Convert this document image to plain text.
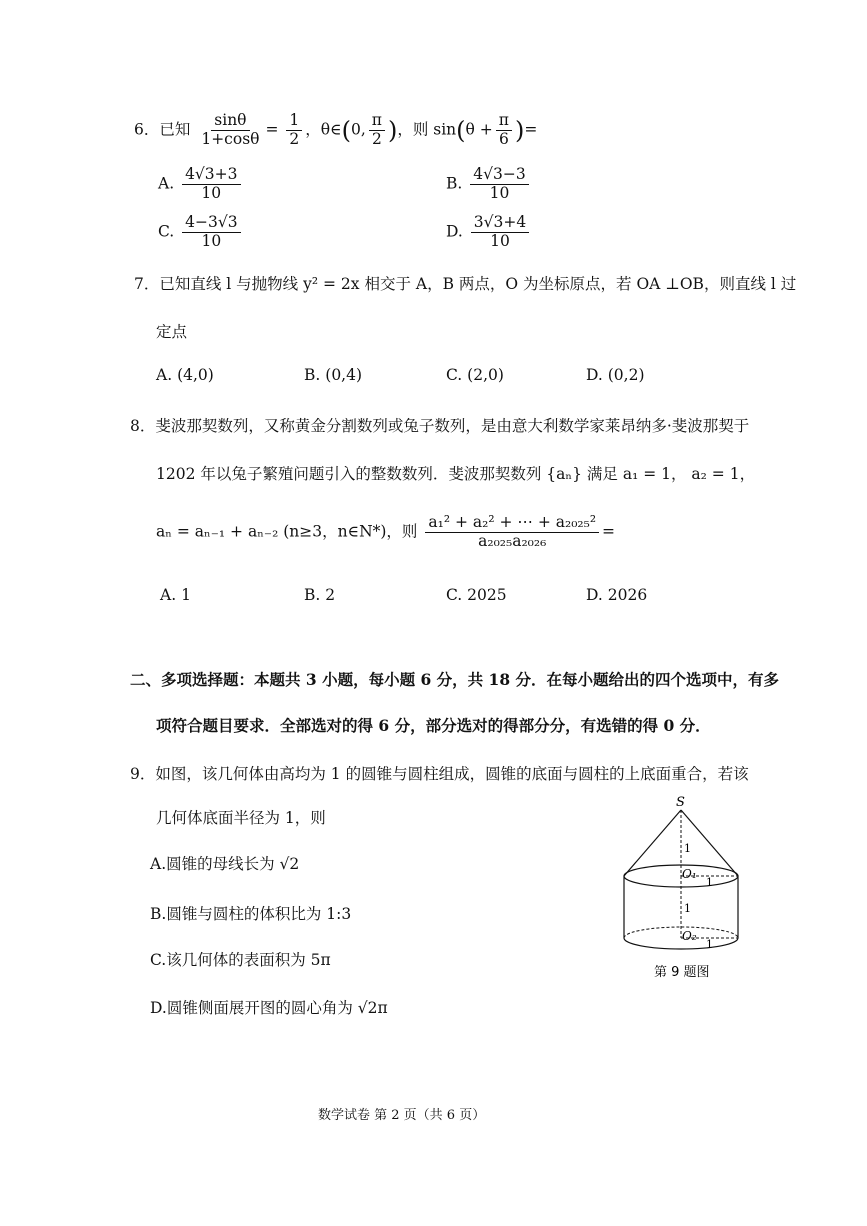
6．已知 $\frac{\sin\theta}{1+\cos\theta} = \frac{1}{2}$ ，θ∈(0, $\frac{\pi}{2}$ )，则 $\sin(\theta + \frac{\pi}{6}$ )=
A. $\frac{4√3+3}{10}$	B. $\frac{4√3-3}{10}$
C. $\frac{4-3√3}{10}$	D. $\frac{3√3+4}{10}$
7．已知直线 l 与抛物线 y² = 2x 相交于 A，B 两点，O 为坐标原点，若 OA ⊥OB，则直线 l 过
定点
A. (4,0)	B. (0,4)	C. (2,0)	D. (0,2)
8．斐波那契数列，又称黄金分割数列或兔子数列，是由意大利数学家莱昂纳多·斐波那契于
1202 年以兔子繁殖问题引入的整数数列．斐波那契数列 {aₙ} 满足 a₁ = 1， a₂ = 1，
aₙ = aₙ₋₁ + aₙ₋₂ (n≥3，n∈N*)，则 $\frac{\text{a₁² + a₂² + ⋯ + a₂₀₂₅²}}{\text{a₂₀₂₅a₂₀₂₆}}$ =
A. 1	B. 2	C. 2025	D. 2026
二、多项选择题：本题共 3 小题，每小题 6 分，共 18 分．在每小题给出的四个选项中，有多
项符合题目要求．全部选对的得 6 分，部分选对的得部分分，有选错的得 0 分．
9．如图，该几何体由高均为 1 的圆锥与圆柱组成，圆锥的底面与圆柱的上底面重合，若该
几何体底面半径为 1，则
A.圆锥的母线长为 √2
B.圆锥与圆柱的体积比为 1:3
C.该几何体的表面积为 5π
D.圆锥侧面展开图的圆心角为 √2π
S
1
O₁
1
1
O₂
1
第 9 题图
数学试卷 第 2 页（共 6 页）
